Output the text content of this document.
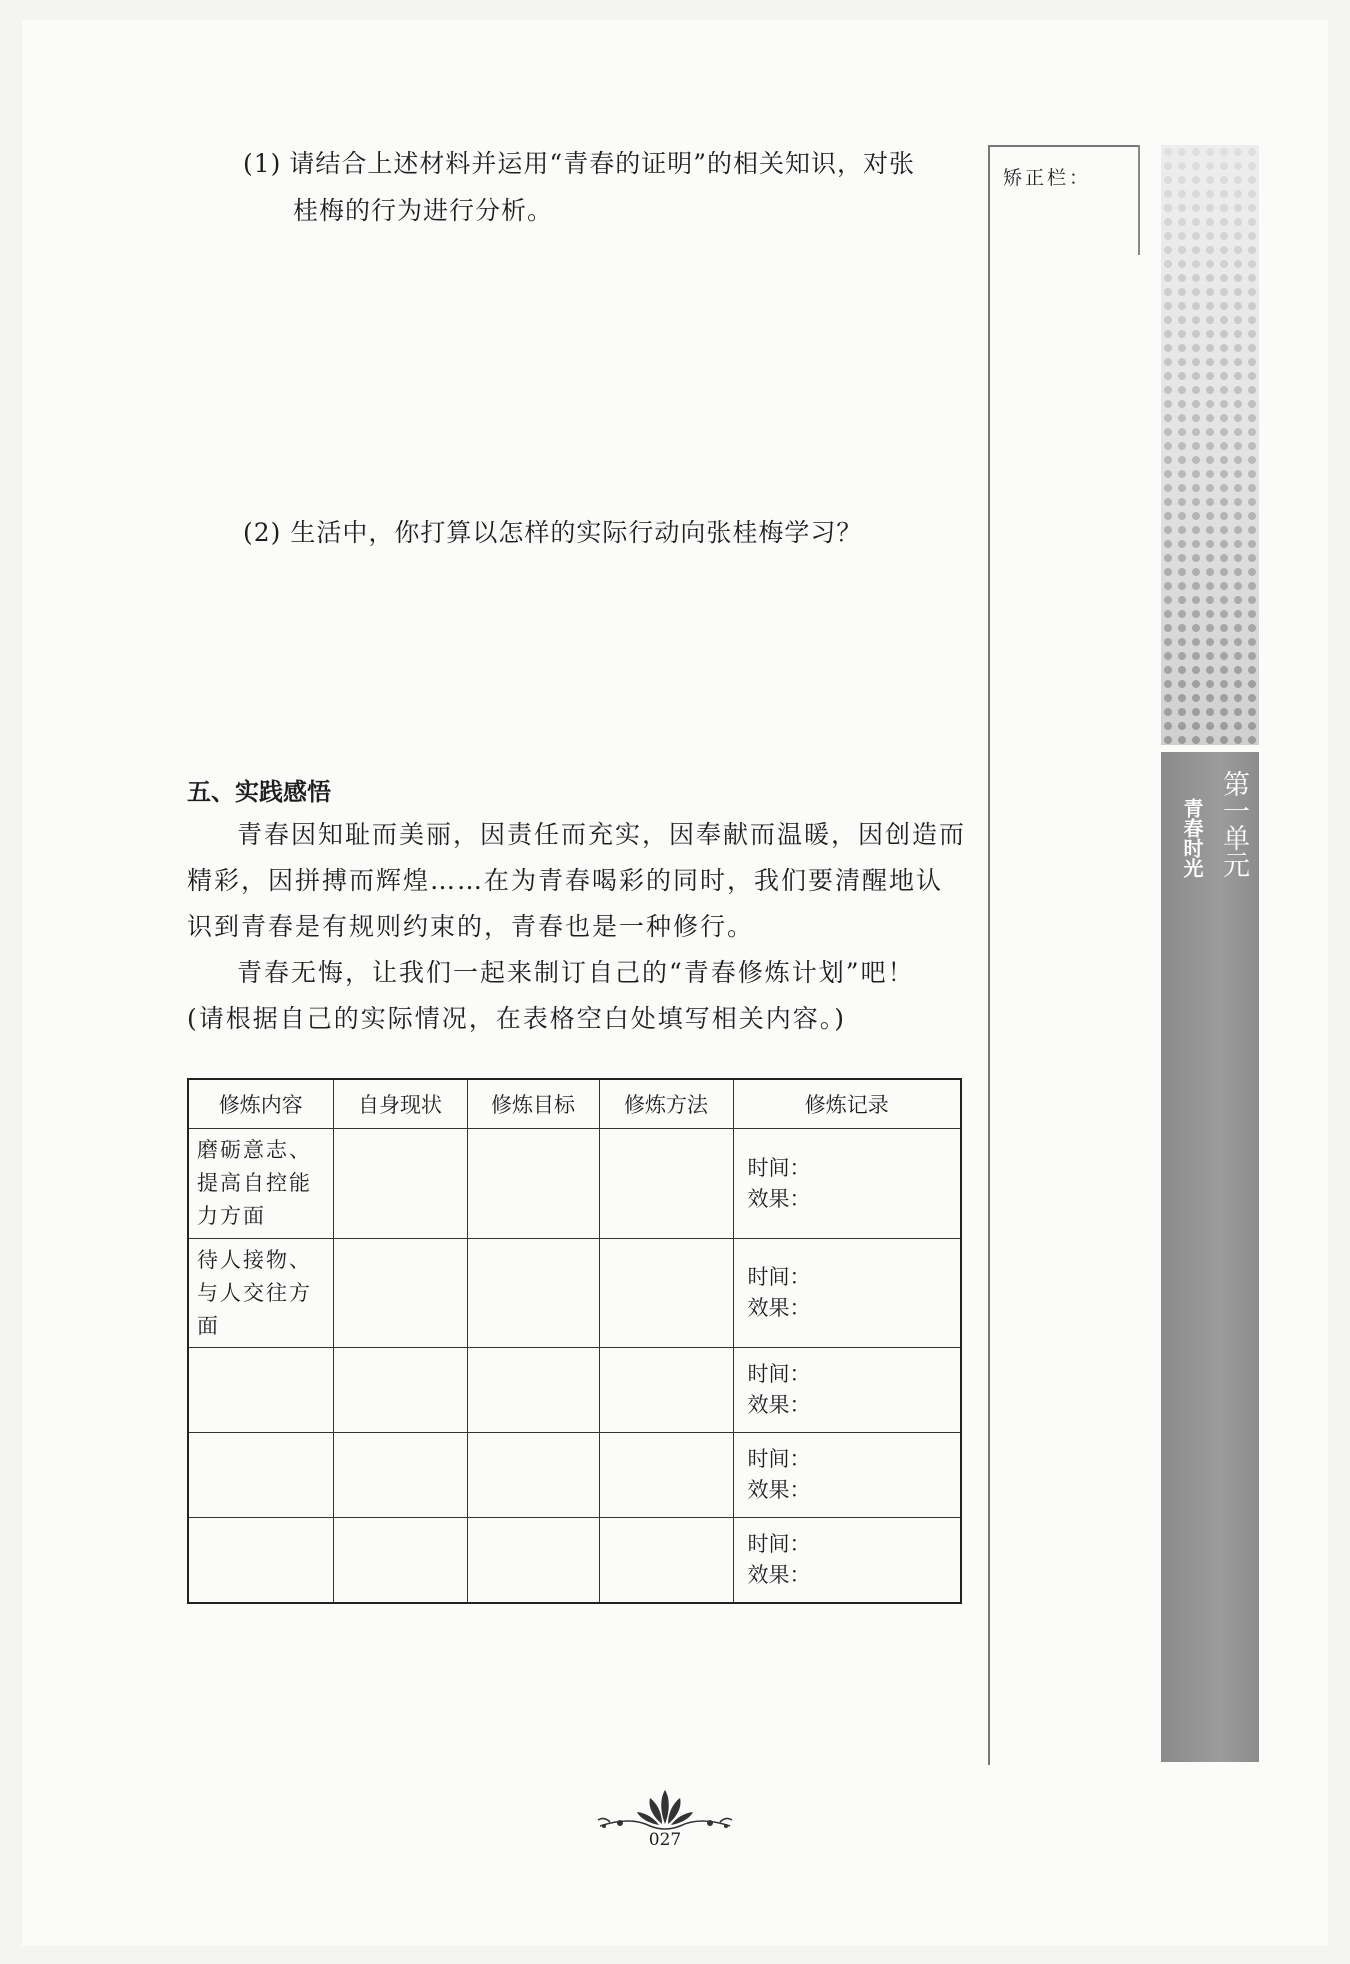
(1) 请结合上述材料并运用“青春的证明”的相关知识，对张
桂梅的行为进行分析。
(2) 生活中，你打算以怎样的实际行动向张桂梅学习？
五、实践感悟

青春因知耻而美丽，因责任而充实，因奉献而温暖，因创造而精彩，因拼搏而辉煌……在为青春喝彩的同时，我们要清醒地认识到青春是有规则约束的，青春也是一种修行。

青春无悔，让我们一起来制订自己的“青春修炼计划”吧！

(请根据自己的实际情况，在表格空白处填写相关内容。)

修炼内容	自身现状	修炼目标	修炼方法	修炼记录
磨砺意志、提高自控能力方面				时间：
效果：

待人接物、与人交往方面				时间：
效果：

				时间：
效果：

				时间：
效果：

				时间：
效果：
矫正栏：
第一单元
青春时光
027
